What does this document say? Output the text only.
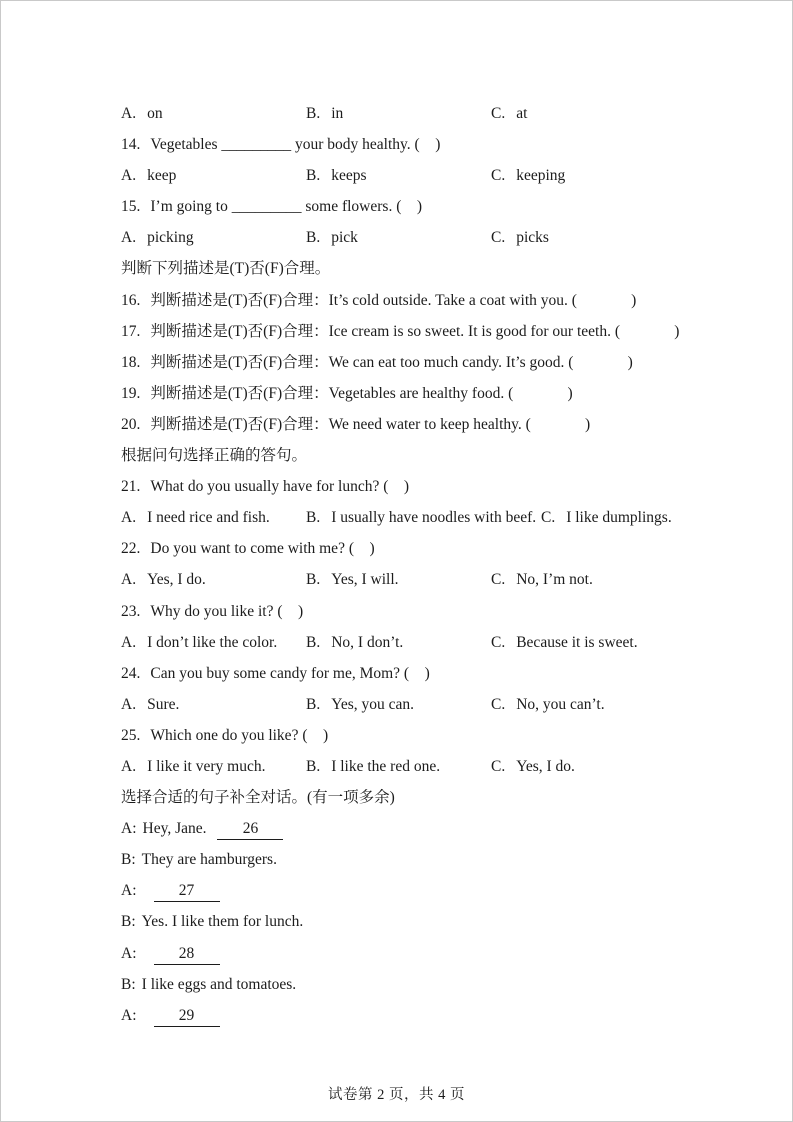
A. on	B. in	C. at
14. Vegetables _________ your body healthy. (    )
A. keep	B. keeps	C. keeping
15. I’m going to _________ some flowers. (    )
A. picking	B. pick	C. picks
判断下列描述是(T)否(F)合理。
16. 判断描述是(T)否(F)合理：It’s cold outside. Take a coat with you. (              )
17. 判断描述是(T)否(F)合理：Ice cream is so sweet. It is good for our teeth. (              )
18. 判断描述是(T)否(F)合理：We can eat too much candy. It’s good. (              )
19. 判断描述是(T)否(F)合理：Vegetables are healthy food. (              )
20. 判断描述是(T)否(F)合理：We need water to keep healthy. (              )
根据问句选择正确的答句。
21. What do you usually have for lunch? (    )
A. I need rice and fish. B. I usually have noodles with beef. C. I like dumplings.
22. Do you want to come with me? (    )
A. Yes, I do.	B. Yes, I will.	C. No, I’m not.
23. Why do you like it? (    )
A. I don’t like the color. B. No, I don’t.	C. Because it is sweet.
24. Can you buy some candy for me, Mom? (    )
A. Sure.	B. Yes, you can.	C. No, you can’t.
25. Which one do you like? (    )
A. I like it very much.	B. I like the red one.	C. Yes, I do.
选择合适的句子补全对话。(有一项多余)
A: Hey, Jane. 26
B: They are hamburgers.
A:	27
B: Yes. I like them for lunch.
A:	28
B: I like eggs and tomatoes.
A:	29
试卷第 2 页，共 4 页
